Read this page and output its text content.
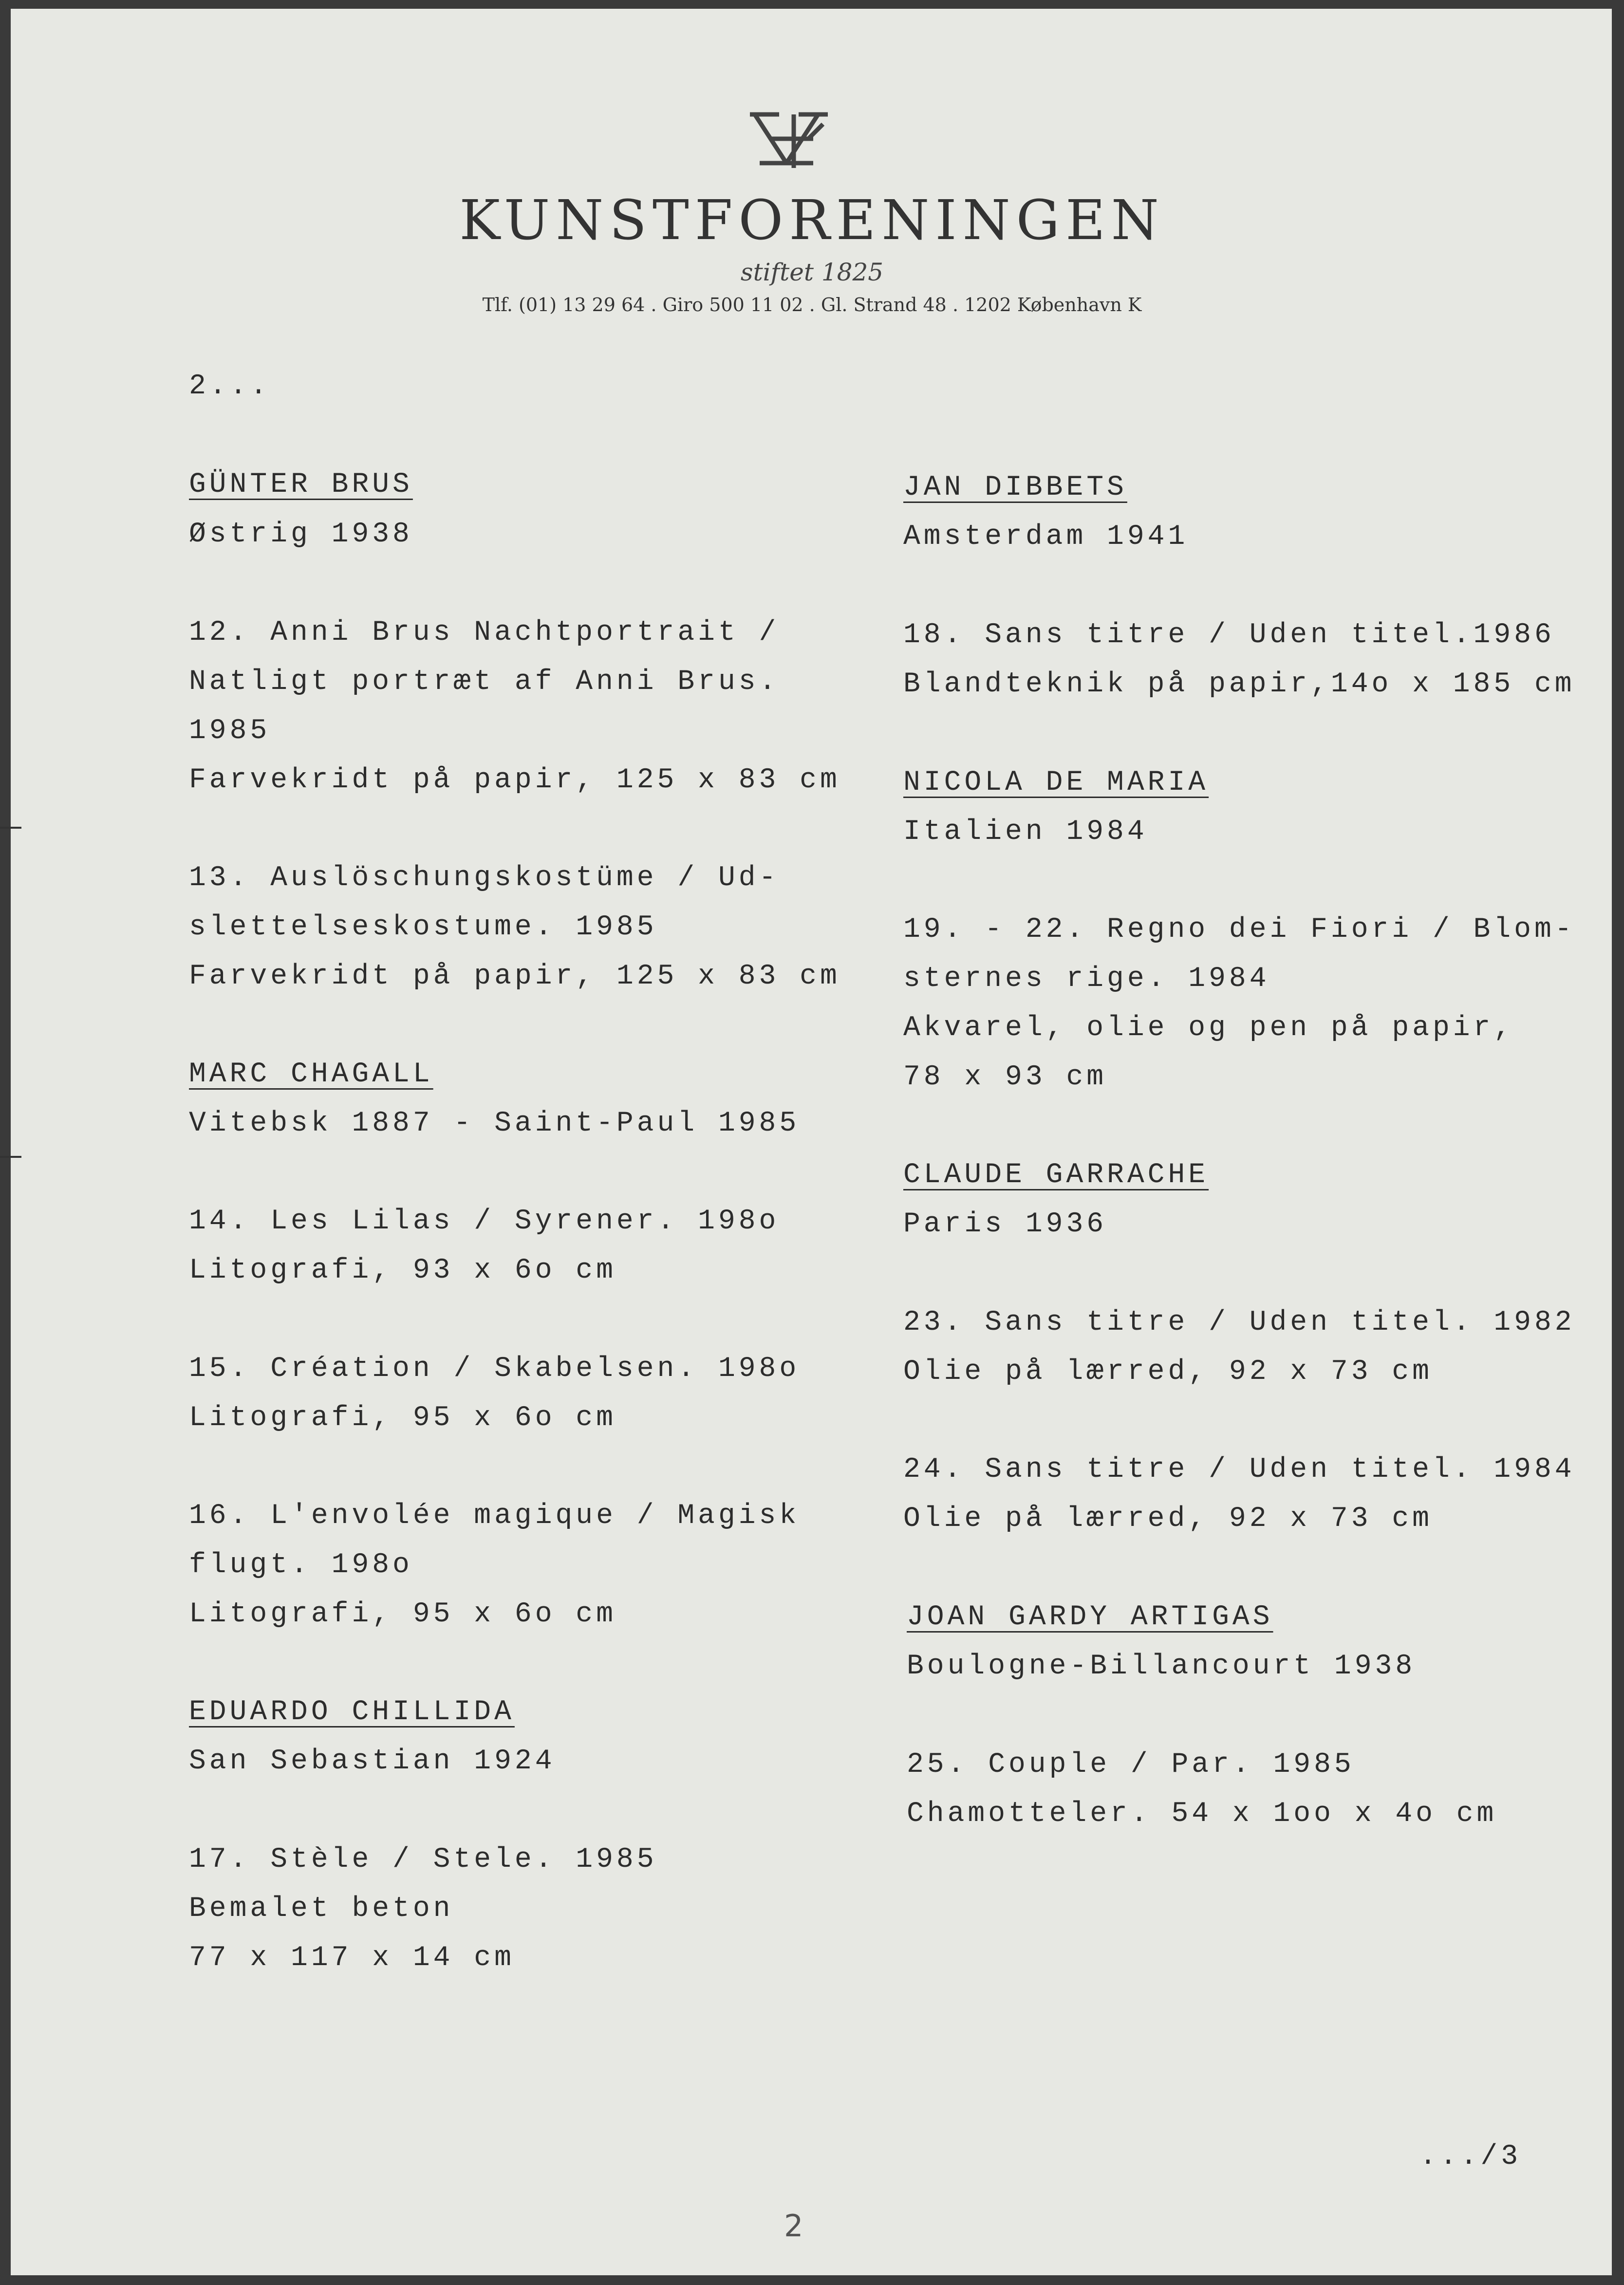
KUNSTFORENINGEN
stiftet 1825
Tlf. (01) 13 29 64 . Giro 500 11 02 . Gl. Strand 48 . 1202 København K
2...
GÜNTER BRUS
Østrig 1938
12. Anni Brus Nachtportrait /
Natligt portræt af Anni Brus.
1985
Farvekridt på papir, 125 x 83 cm
13. Auslöschungskostüme / Ud-
slettelseskostume. 1985
Farvekridt på papir, 125 x 83 cm
MARC CHAGALL
Vitebsk 1887 - Saint-Paul 1985
14. Les Lilas / Syrener. 198o
Litografi, 93 x 6o cm
15. Création / Skabelsen. 198o
Litografi, 95 x 6o cm
16. L'envolée magique / Magisk
flugt. 198o
Litografi, 95 x 6o cm
EDUARDO CHILLIDA
San Sebastian 1924
17. Stèle / Stele. 1985
Bemalet beton
77 x 117 x 14 cm
JAN DIBBETS
Amsterdam 1941
18. Sans titre / Uden titel.1986
Blandteknik på papir,14o x 185 cm
NICOLA DE MARIA
Italien 1984
19. - 22. Regno dei Fiori / Blom-
sternes rige. 1984
Akvarel, olie og pen på papir,
78 x 93 cm
CLAUDE GARRACHE
Paris 1936
23. Sans titre / Uden titel. 1982
Olie på lærred, 92 x 73 cm
24. Sans titre / Uden titel. 1984
Olie på lærred, 92 x 73 cm
JOAN GARDY ARTIGAS
Boulogne-Billancourt 1938
25. Couple / Par. 1985
Chamotteler. 54 x 1oo x 4o cm
.../3
2
